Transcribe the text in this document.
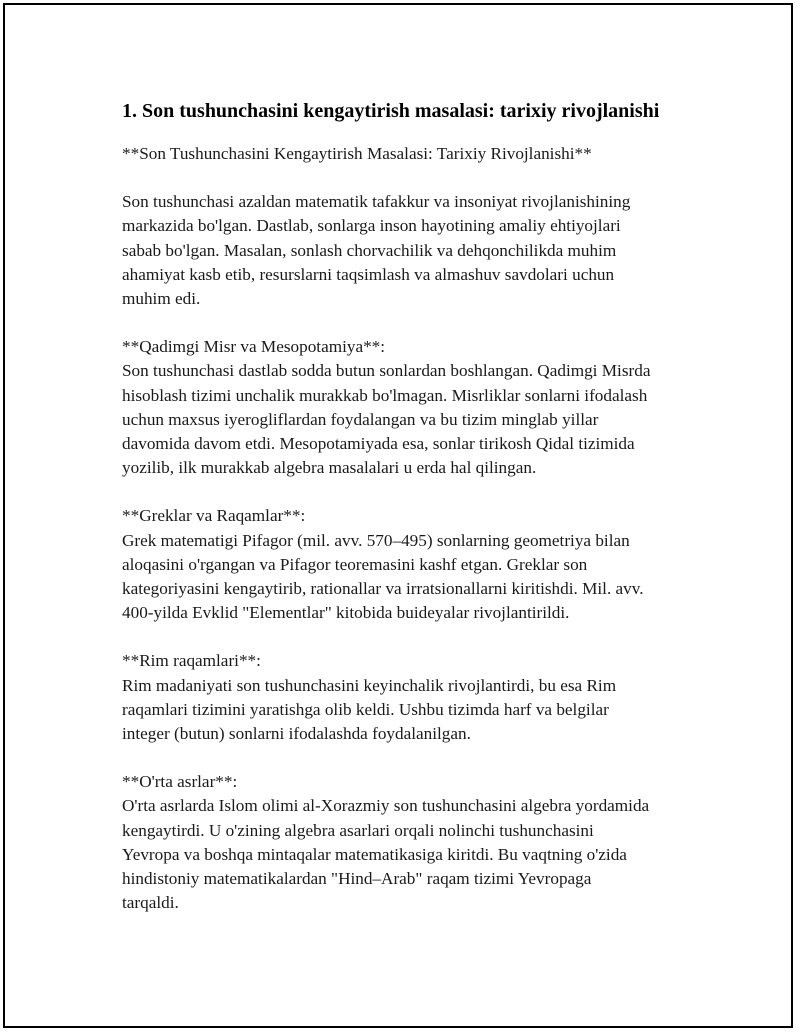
1. Son tushunchasini kengaytirish masalasi: tarixiy rivojlanishi

**Son Tushunchasini Kengaytirish Masalasi: Tarixiy Rivojlanishi**

Son tushunchasi azaldan matematik tafakkur va insoniyat rivojlanishining

markazida bo'lgan. Dastlab, sonlarga inson hayotining amaliy ehtiyojlari

sabab bo'lgan. Masalan, sonlash chorvachilik va dehqonchilikda muhim

ahamiyat kasb etib, resurslarni taqsimlash va almashuv savdolari uchun

muhim edi.

**Qadimgi Misr va Mesopotamiya**:

Son tushunchasi dastlab sodda butun sonlardan boshlangan. Qadimgi Misrda

hisoblash tizimi unchalik murakkab bo'lmagan. Misrliklar sonlarni ifodalash

uchun maxsus iyerogliflardan foydalangan va bu tizim minglab yillar

davomida davom etdi. Mesopotamiyada esa, sonlar tirikosh Qidal tizimida

yozilib, ilk murakkab algebra masalalari u erda hal qilingan.

**Greklar va Raqamlar**:

Grek matematigi Pifagor (mil. avv. 570–495) sonlarning geometriya bilan

aloqasini o'rgangan va Pifagor teoremasini kashf etgan. Greklar son

kategoriyasini kengaytirib, rationallar va irratsionallarni kiritishdi. Mil. avv.

400-yilda Evklid "Elementlar" kitobida buideyalar rivojlantirildi.

**Rim raqamlari**:

Rim madaniyati son tushunchasini keyinchalik rivojlantirdi, bu esa Rim

raqamlari tizimini yaratishga olib keldi. Ushbu tizimda harf va belgilar

integer (butun) sonlarni ifodalashda foydalanilgan.

**O'rta asrlar**:

O'rta asrlarda Islom olimi al-Xorazmiy son tushunchasini algebra yordamida

kengaytirdi. U o'zining algebra asarlari orqali nolinchi tushunchasini

Yevropa va boshqa mintaqalar matematikasiga kiritdi. Bu vaqtning o'zida

hindistoniy matematikalardan "Hind–Arab" raqam tizimi Yevropaga

tarqaldi.
